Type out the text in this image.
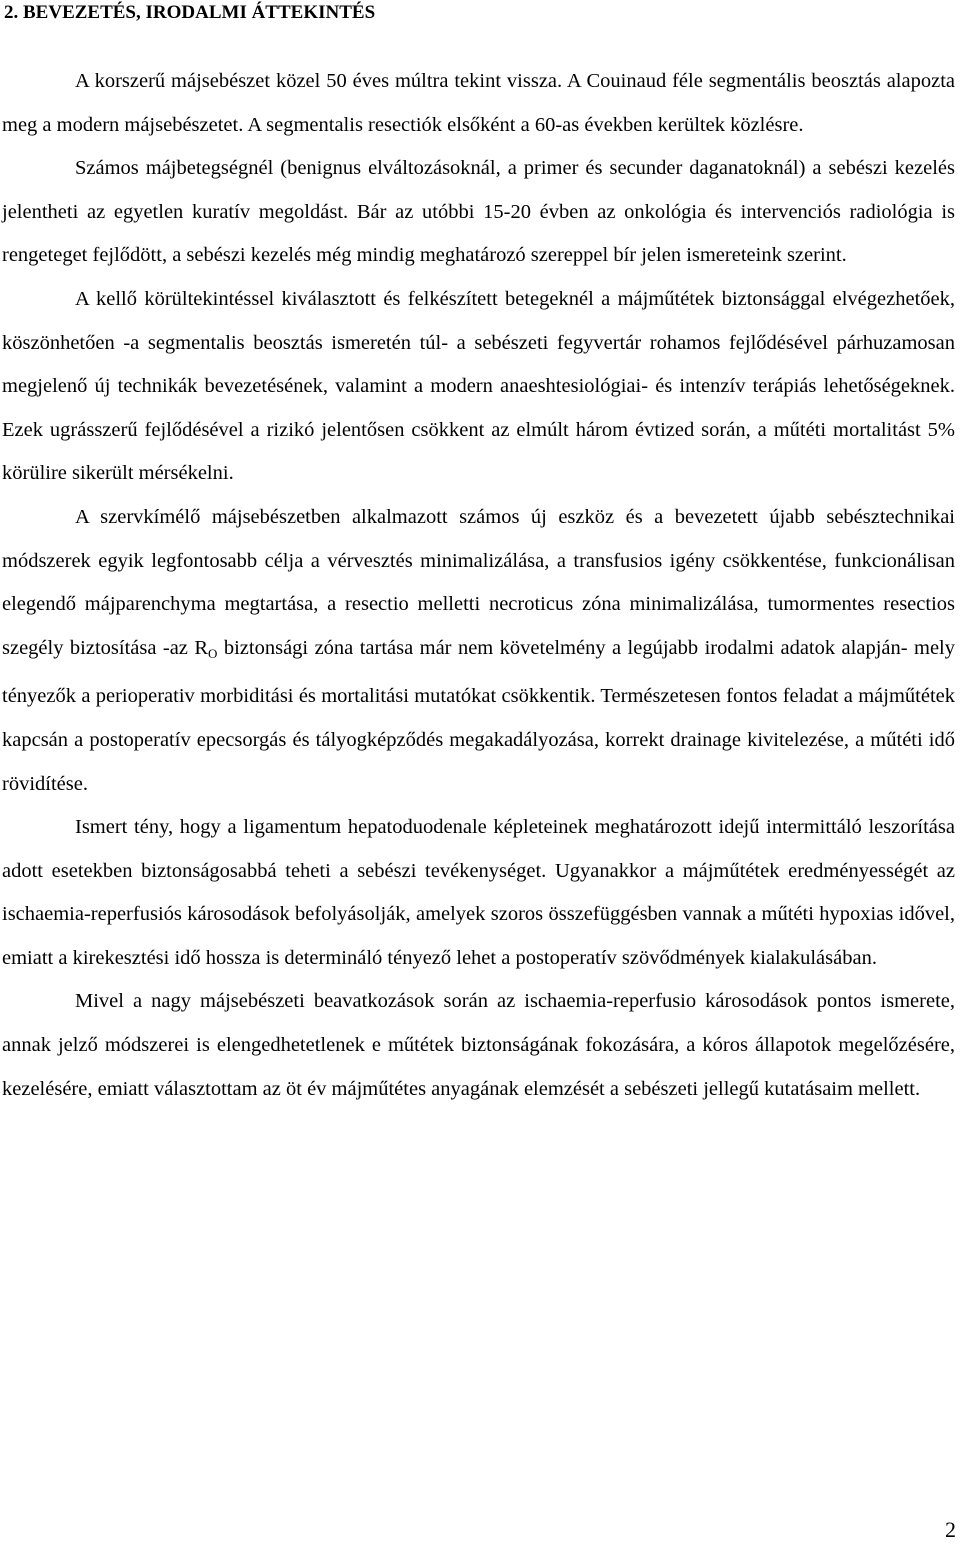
2. BEVEZETÉS, IRODALMI ÁTTEKINTÉS

A korszerű májsebészet közel 50 éves múltra tekint vissza. A Couinaud féle segmentális beosztás alapozta meg a modern májsebészetet. A segmentalis resectiók elsőként a 60-as években kerültek közlésre.

Számos májbetegségnél (benignus elváltozásoknál, a primer és secunder daganatoknál) a sebészi kezelés jelentheti az egyetlen kuratív megoldást. Bár az utóbbi 15-20 évben az onkológia és intervenciós radiológia is rengeteget fejlődött, a sebészi kezelés még mindig meghatározó szereppel bír jelen ismereteink szerint.

A kellő körültekintéssel kiválasztott és felkészített betegeknél a májműtétek biztonsággal elvégezhetőek, köszönhetően -a segmentalis beosztás ismeretén túl- a sebészeti fegyvertár rohamos fejlődésével párhuzamosan megjelenő új technikák bevezetésének, valamint a modern anaeshtesiológiai- és intenzív terápiás lehetőségeknek. Ezek ugrásszerű fejlődésével a rizikó jelentősen csökkent az elmúlt három évtized során, a műtéti mortalitást 5% körülire sikerült mérsékelni.

A szervkímélő májsebészetben alkalmazott számos új eszköz és a bevezetett újabb sebésztechnikai módszerek egyik legfontosabb célja a vérvesztés minimalizálása, a transfusios igény csökkentése, funkcionálisan elegendő májparenchyma megtartása, a resectio melletti necroticus zóna minimalizálása, tumormentes resectios szegély biztosítása -az $R_O$ biztonsági zóna tartása már nem követelmény a legújabb irodalmi adatok alapján- mely tényezők a perioperativ morbiditási és mortalitási mutatókat csökkentik. Természetesen fontos feladat a májműtétek kapcsán a postoperatív epecsorgás és tályogképződés megakadályozása, korrekt drainage kivitelezése, a műtéti idő rövidítése.

Ismert tény, hogy a ligamentum hepatoduodenale képleteinek meghatározott idejű intermittáló leszorítása adott esetekben biztonságosabbá teheti a sebészi tevékenységet. Ugyanakkor a májműtétek eredményességét az ischaemia-reperfusiós károsodások befolyásolják, amelyek szoros összefüggésben vannak a műtéti hypoxias idővel, emiatt a kirekesztési idő hossza is determináló tényező lehet a postoperatív szövődmények kialakulásában.

Mivel a nagy májsebészeti beavatkozások során az ischaemia-reperfusio károsodások pontos ismerete, annak jelző módszerei is elengedhetetlenek e műtétek biztonságának fokozására, a kóros állapotok megelőzésére, kezelésére, emiatt választottam az öt év májműtétes anyagának elemzését a sebészeti jellegű kutatásaim mellett.

2
